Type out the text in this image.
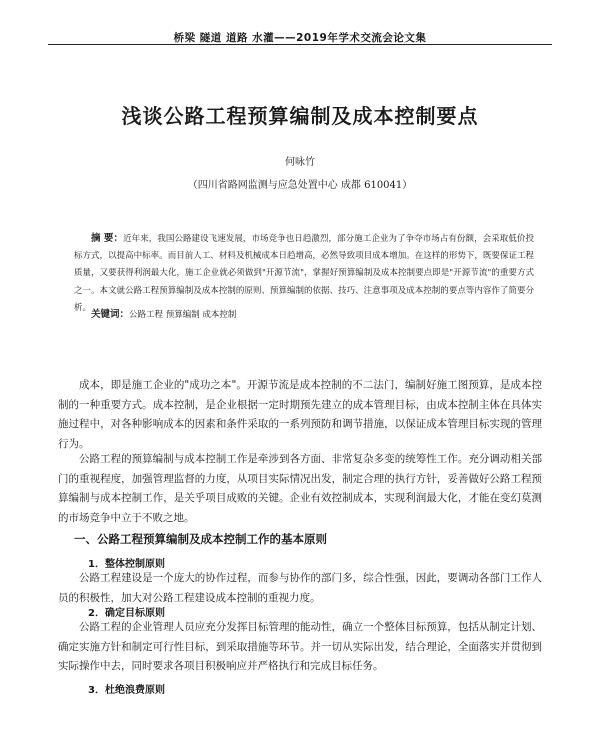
桥梁 隧道 道路 水灌——2019年学术交流会论文集
浅谈公路工程预算编制及成本控制要点
何咏竹
（四川省路网监测与应急处置中心 成都 610041）
摘 要：近年来，我国公路建设飞速发展，市场竞争也日趋激烈，部分施工企业为了争夺市场占有份额，会采取低价投标方式，以提高中标率。而目前人工、材料及机械成本日趋增高，必然导致项目成本增加。在这样的形势下，既要保证工程质量，又要获得利润最大化，施工企业就必须做到"开源节流"，掌握好预算编制及成本控制要点即是"开源节流"的重要方式之一。本文就公路工程预算编制及成本控制的原则、预算编制的依据、技巧、注意事项及成本控制的要点等内容作了简要分析。
关键词：公路工程 预算编制 成本控制
成本，即是施工企业的"成功之本"。开源节流是成本控制的不二法门，编制好施工图预算，是成本控制的一种重要方式。成本控制，是企业根据一定时期预先建立的成本管理目标，由成本控制主体在具体实施过程中，对各种影响成本的因素和条件采取的一系列预防和调节措施，以保证成本管理目标实现的管理行为。
公路工程的预算编制与成本控制工作是牵涉到各方面、非常复杂多变的统筹性工作。充分调动相关部门的重视程度，加强管理监督的力度，从项目实际情况出发，制定合理的执行方针，妥善做好公路工程预算编制与成本控制工作，是关乎项目成败的关键。企业有效控制成本，实现利润最大化，才能在变幻莫测的市场竞争中立于不败之地。
一、公路工程预算编制及成本控制工作的基本原则
1．整体控制原则
公路工程建设是一个庞大的协作过程，而参与协作的部门多，综合性强，因此，要调动各部门工作人员的积极性，加大对公路工程建设成本控制的重视力度。
2．确定目标原则
公路工程的企业管理人员应充分发挥目标管理的能动性，确立一个整体目标预算，包括从制定计划、确定实施方针和制定可行性目标，到采取措施等环节。并一切从实际出发，结合理论，全面落实并贯彻到实际操作中去，同时要求各项目积极响应并严格执行和完成目标任务。
3．杜绝浪费原则
